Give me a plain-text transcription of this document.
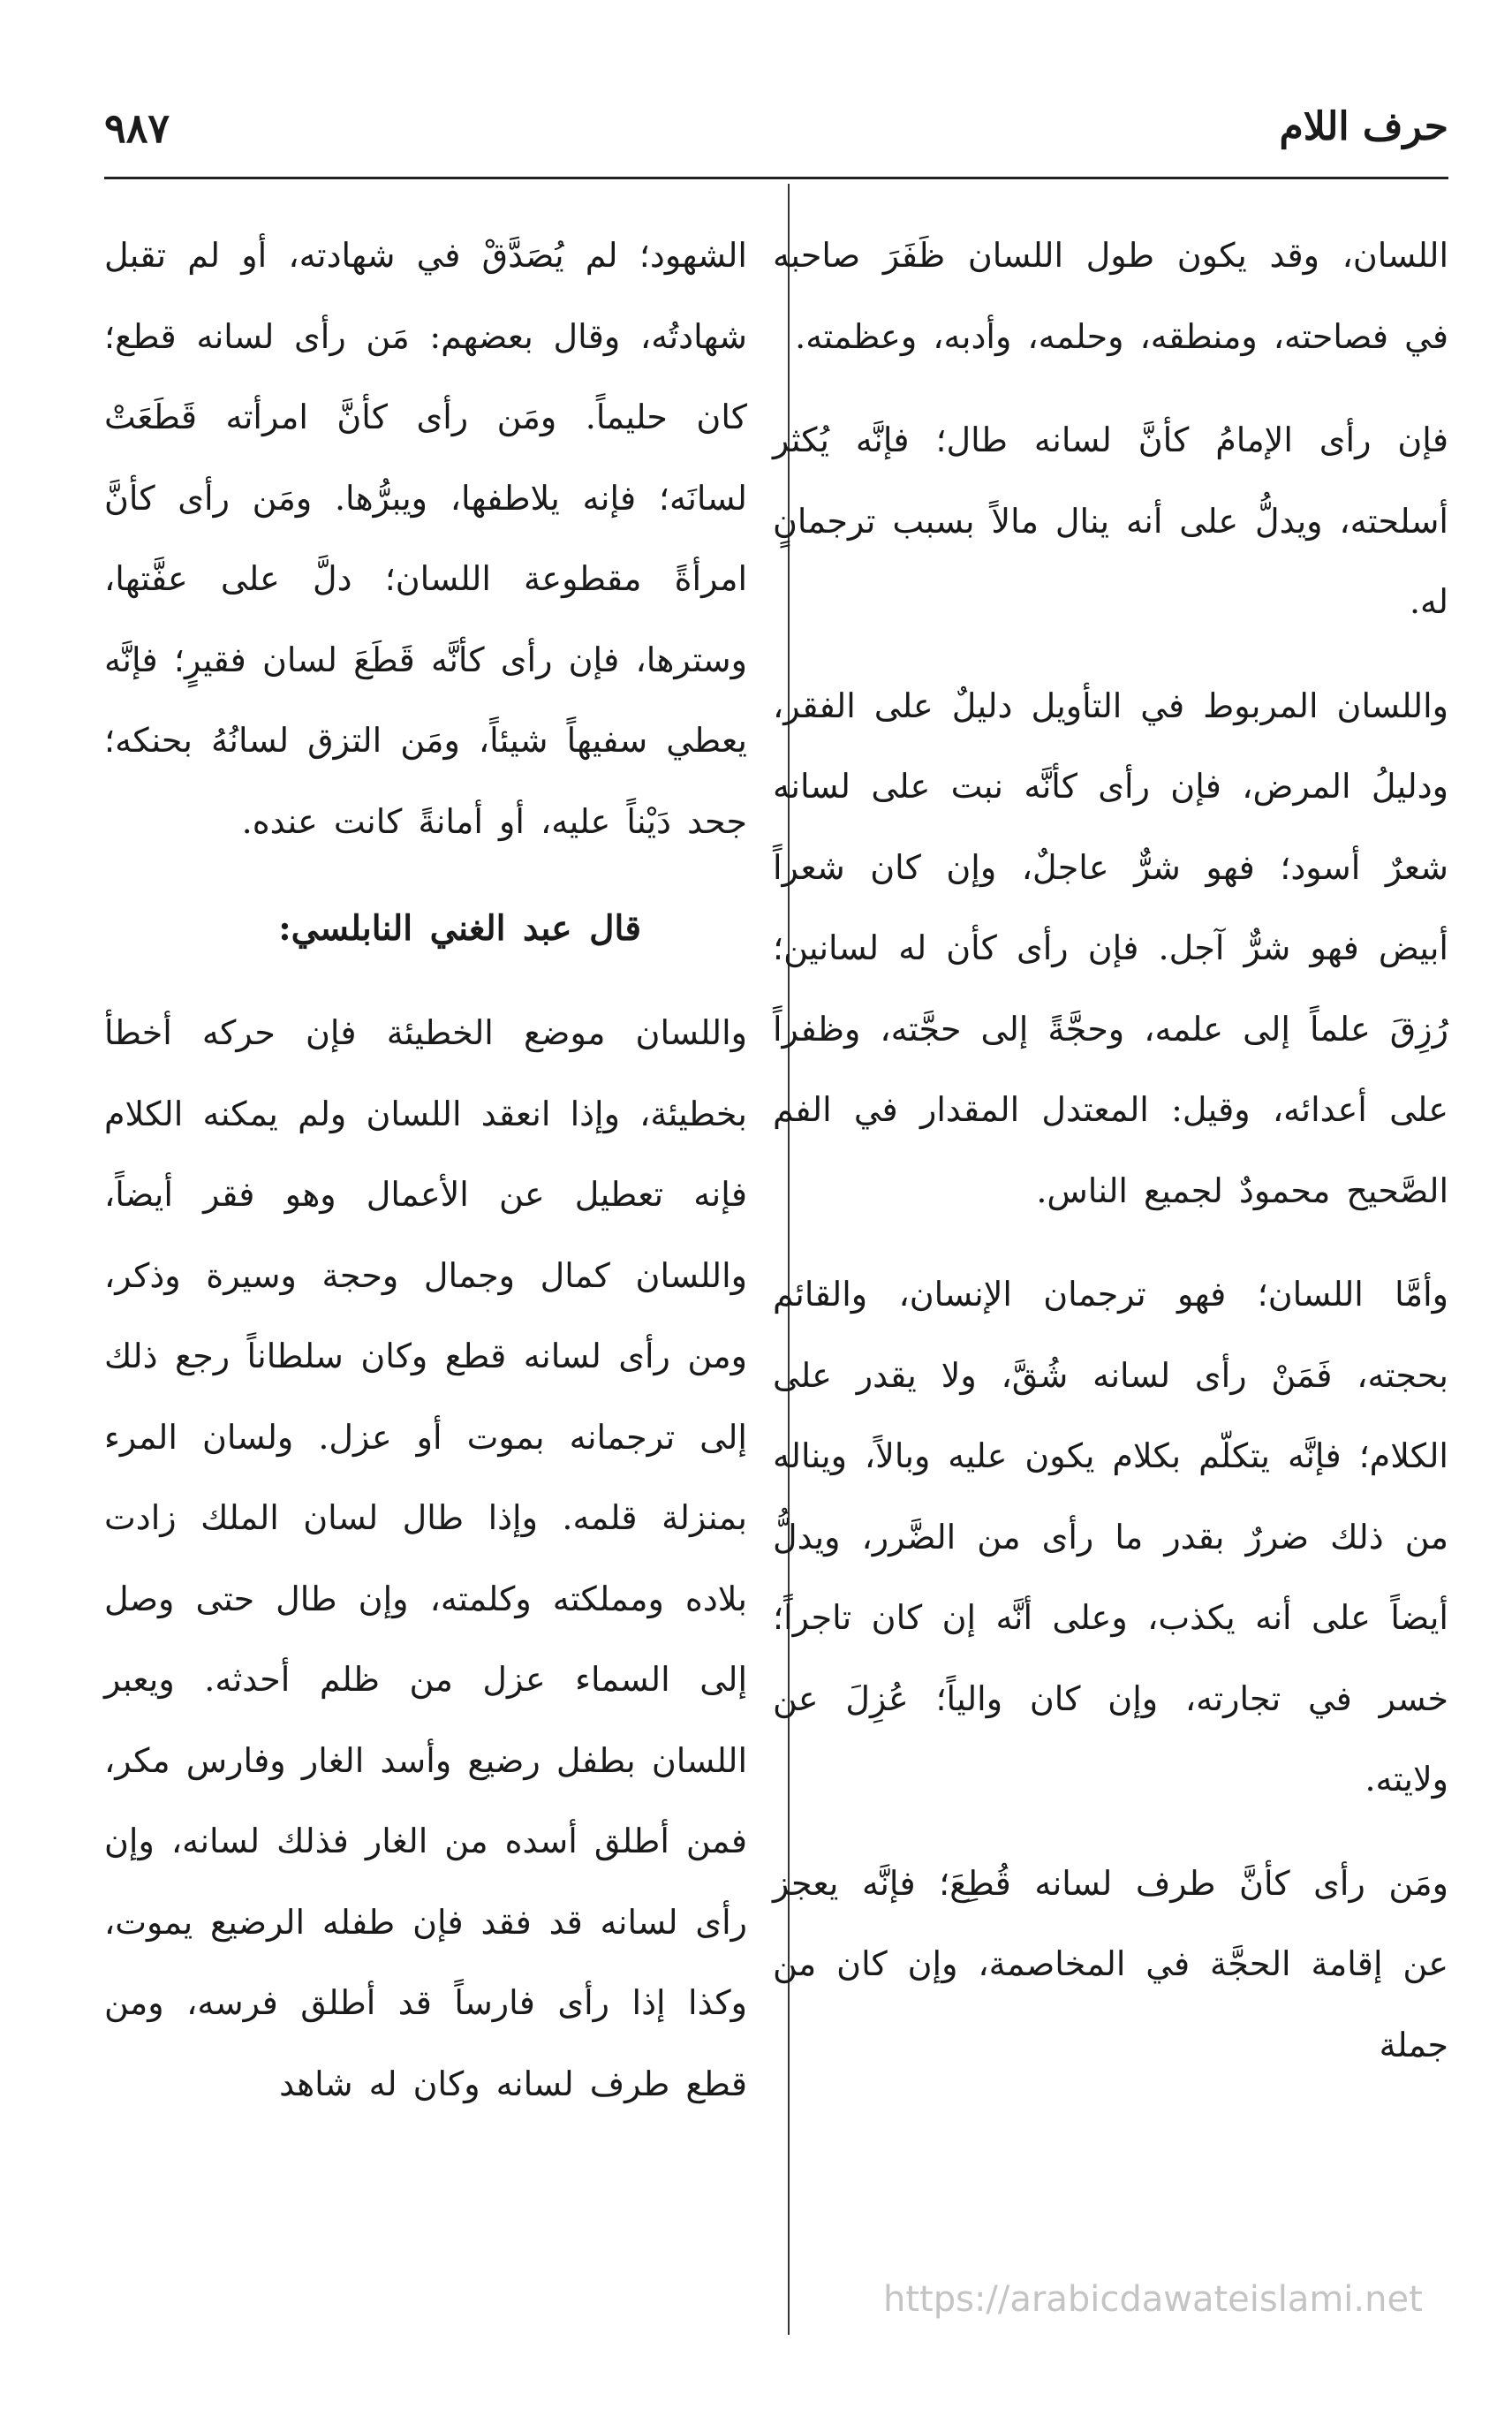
حرف اللام
٩٨٧

اللسان، وقد يكون طول اللسان ظَفَرَ صاحبه في فصاحته، ومنطقه، وحلمه، وأدبه، وعظمته.

فإن رأى الإمامُ كأنَّ لسانه طال؛ فإنَّه يُكثر أسلحته، ويدلُّ على أنه ينال مالاً بسبب ترجمانٍ له.

واللسان المربوط في التأويل دليلٌ على الفقر، ودليلُ المرض، فإن رأى كأنَّه نبت على لسانه شعرٌ أسود؛ فهو شرٌّ عاجلٌ، وإن كان شعراً أبيض فهو شرٌّ آجل. فإن رأى كأن له لسانين؛ رُزِقَ علماً إلى علمه، وحجَّةً إلى حجَّته، وظفراً على أعدائه، وقيل: المعتدل المقدار في الفم الصَّحيح محمودٌ لجميع الناس.

وأمَّا اللسان؛ فهو ترجمان الإنسان، والقائم بحجته، فَمَنْ رأى لسانه شُقَّ، ولا يقدر على الكلام؛ فإنَّه يتكلّم بكلام يكون عليه وبالاً، ويناله من ذلك ضررٌ بقدر ما رأى من الضَّرر، ويدلُّ أيضاً على أنه يكذب، وعلى أنَّه إن كان تاجراً؛ خسر في تجارته، وإن كان والياً؛ عُزِلَ عن ولايته.

ومَن رأى كأنَّ طرف لسانه قُطِعَ؛ فإنَّه يعجز عن إقامة الحجَّة في المخاصمة، وإن كان من جملة

الشهود؛ لم يُصَدَّقْ في شهادته، أو لم تقبل شهادتُه، وقال بعضهم: مَن رأى لسانه قطع؛ كان حليماً. ومَن رأى كأنَّ امرأته قَطَعَتْ لسانَه؛ فإنه يلاطفها، ويبرُّها. ومَن رأى كأنَّ امرأةً مقطوعة اللسان؛ دلَّ على عفَّتها، وسترها، فإن رأى كأنَّه قَطَعَ لسان فقيرٍ؛ فإنَّه يعطي سفيهاً شيئاً، ومَن التزق لسانُهُ بحنكه؛ جحد دَيْناً عليه، أو أمانةً كانت عنده.

قال عبد الغني النابلسي:

واللسان موضع الخطيئة فإن حركه أخطأ بخطيئة، وإذا انعقد اللسان ولم يمكنه الكلام فإنه تعطيل عن الأعمال وهو فقر أيضاً، واللسان كمال وجمال وحجة وسيرة وذكر، ومن رأى لسانه قطع وكان سلطاناً رجع ذلك إلى ترجمانه بموت أو عزل. ولسان المرء بمنزلة قلمه. وإذا طال لسان الملك زادت بلاده ومملكته وكلمته، وإن طال حتى وصل إلى السماء عزل من ظلم أحدثه. ويعبر اللسان بطفل رضيع وأسد الغار وفارس مكر، فمن أطلق أسده من الغار فذلك لسانه، وإن رأى لسانه قد فقد فإن طفله الرضيع يموت، وكذا إذا رأى فارساً قد أطلق فرسه، ومن قطع طرف لسانه وكان له شاهد

https://arabicdawateislami.net
